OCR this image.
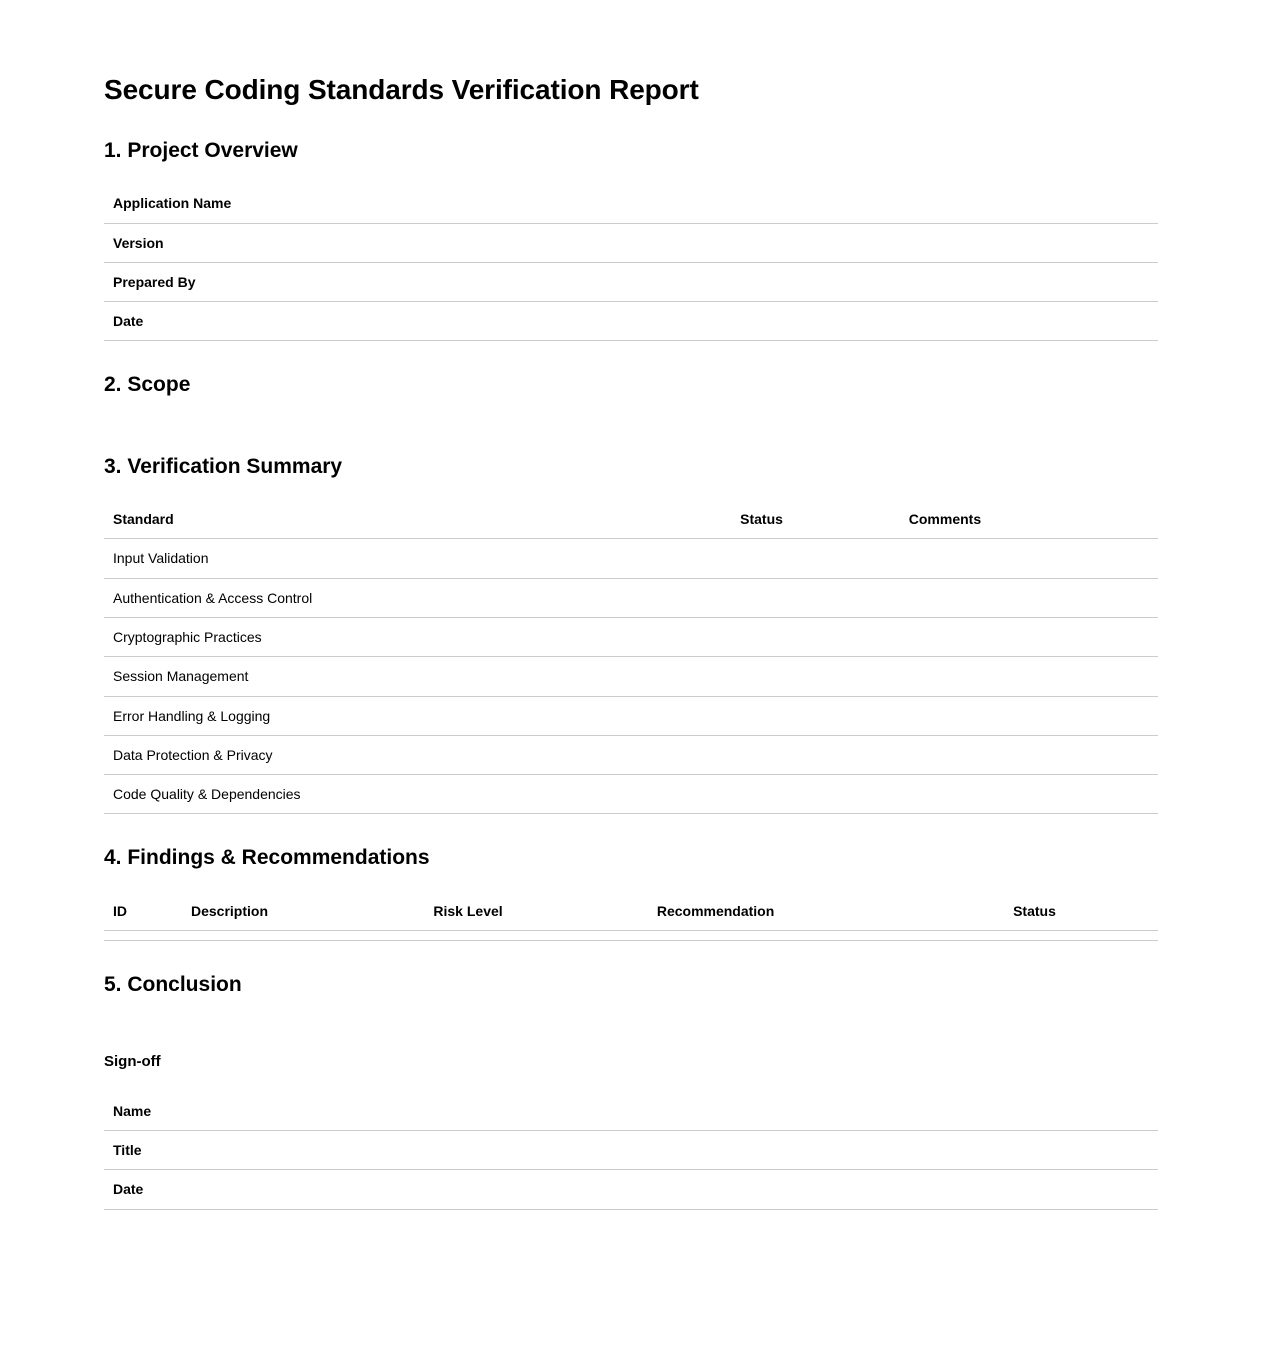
Secure Coding Standards Verification Report
1. Project Overview
Application Name	
Version	
Prepared By	
Date	
2. Scope

3. Verification Summary
Standard	Status	Comments
Input Validation		
Authentication & Access Control		
Cryptographic Practices		
Session Management		
Error Handling & Logging		
Data Protection & Privacy		
Code Quality & Dependencies		
4. Findings & Recommendations
ID	Description	Risk Level	Recommendation	Status

5. Conclusion

Sign-off
Name	
Title	
Date	
